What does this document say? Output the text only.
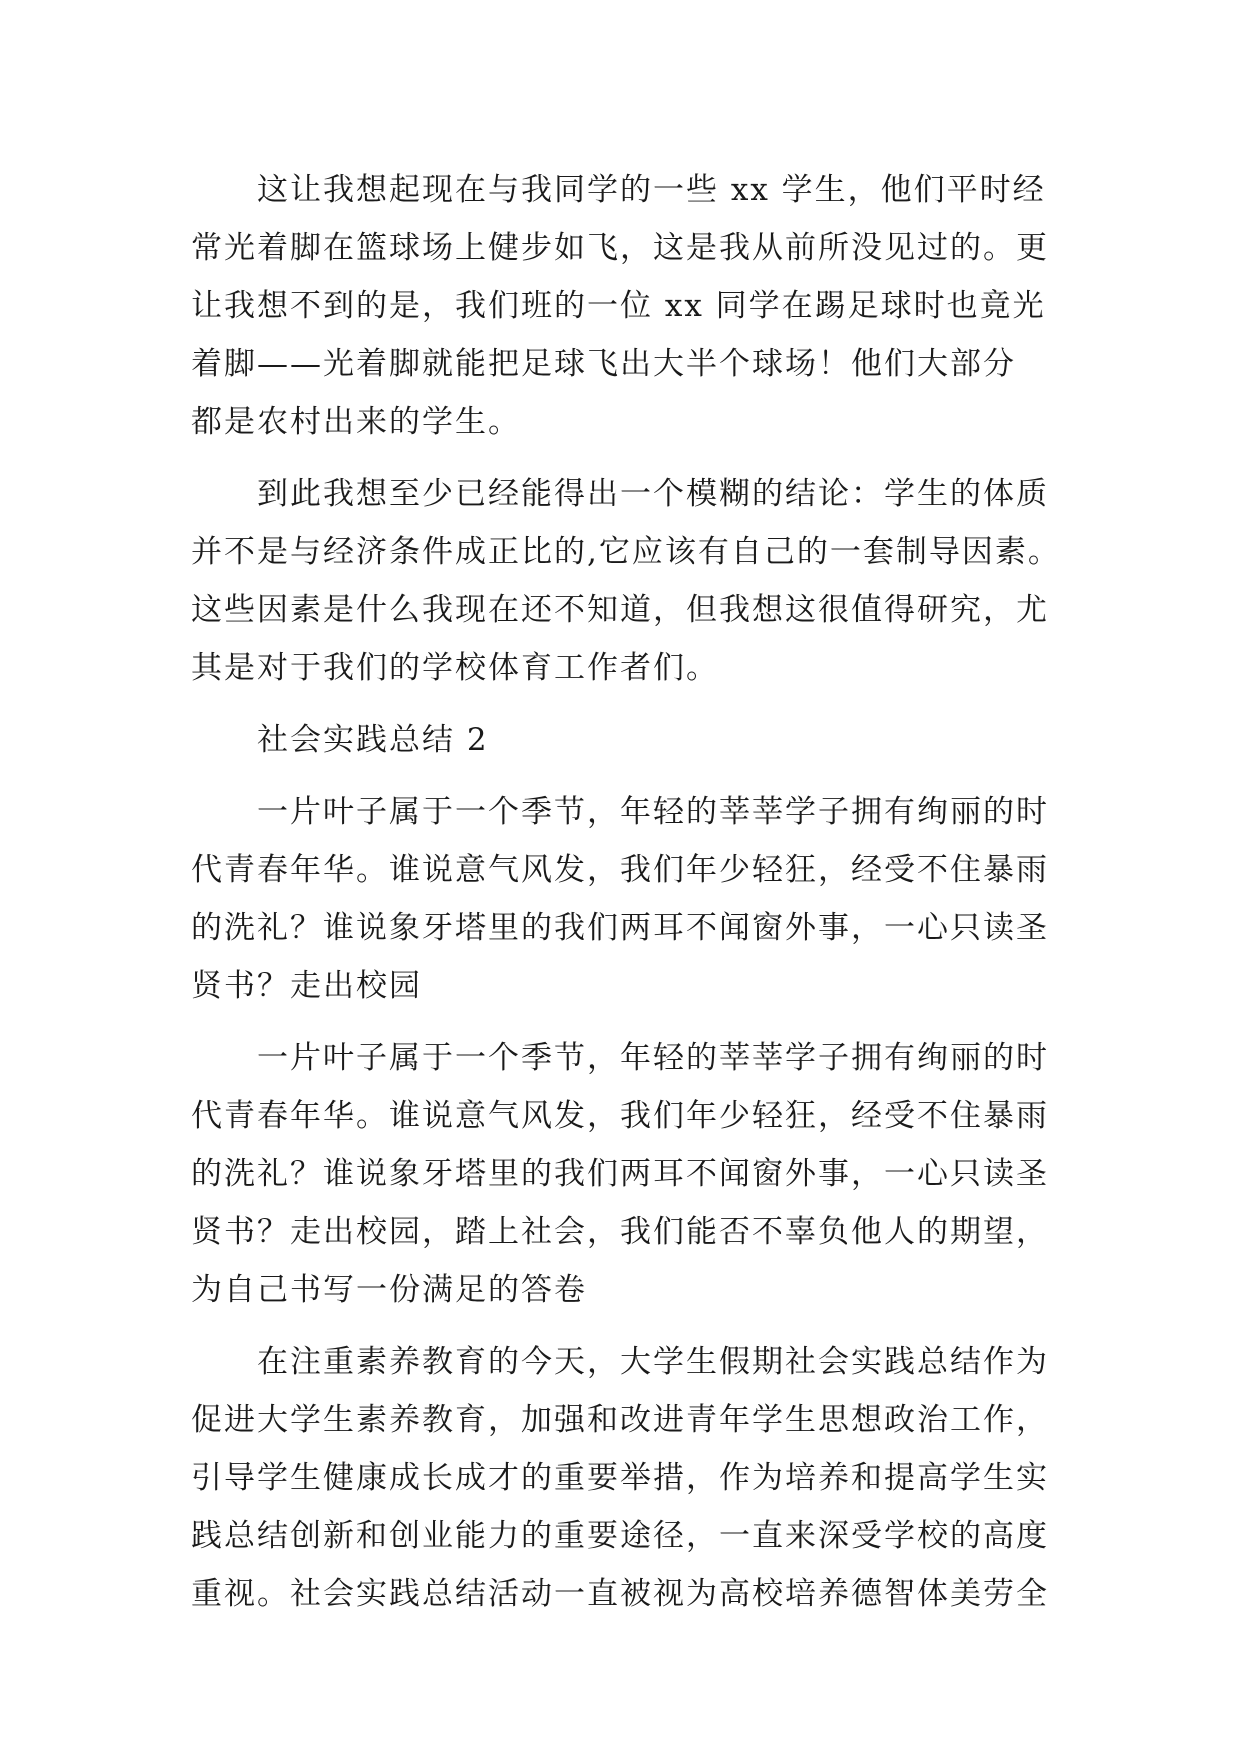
这让我想起现在与我同学的一些 xx 学生，他们平时经
常光着脚在篮球场上健步如飞，这是我从前所没见过的。更
让我想不到的是，我们班的一位 xx 同学在踢足球时也竟光
着脚——光着脚就能把足球飞出大半个球场！他们大部分
都是农村出来的学生。
到此我想至少已经能得出一个模糊的结论：学生的体质
并不是与经济条件成正比的,它应该有自己的一套制导因素。
这些因素是什么我现在还不知道，但我想这很值得研究，尤
其是对于我们的学校体育工作者们。
社会实践总结 2
一片叶子属于一个季节，年轻的莘莘学子拥有绚丽的时
代青春年华。谁说意气风发，我们年少轻狂，经受不住暴雨
的洗礼？谁说象牙塔里的我们两耳不闻窗外事，一心只读圣
贤书？走出校园
一片叶子属于一个季节，年轻的莘莘学子拥有绚丽的时
代青春年华。谁说意气风发，我们年少轻狂，经受不住暴雨
的洗礼？谁说象牙塔里的我们两耳不闻窗外事，一心只读圣
贤书？走出校园，踏上社会，我们能否不辜负他人的期望，
为自己书写一份满足的答卷
在注重素养教育的今天，大学生假期社会实践总结作为
促进大学生素养教育，加强和改进青年学生思想政治工作，
引导学生健康成长成才的重要举措，作为培养和提高学生实
践总结创新和创业能力的重要途径，一直来深受学校的高度
重视。社会实践总结活动一直被视为高校培养德智体美劳全
